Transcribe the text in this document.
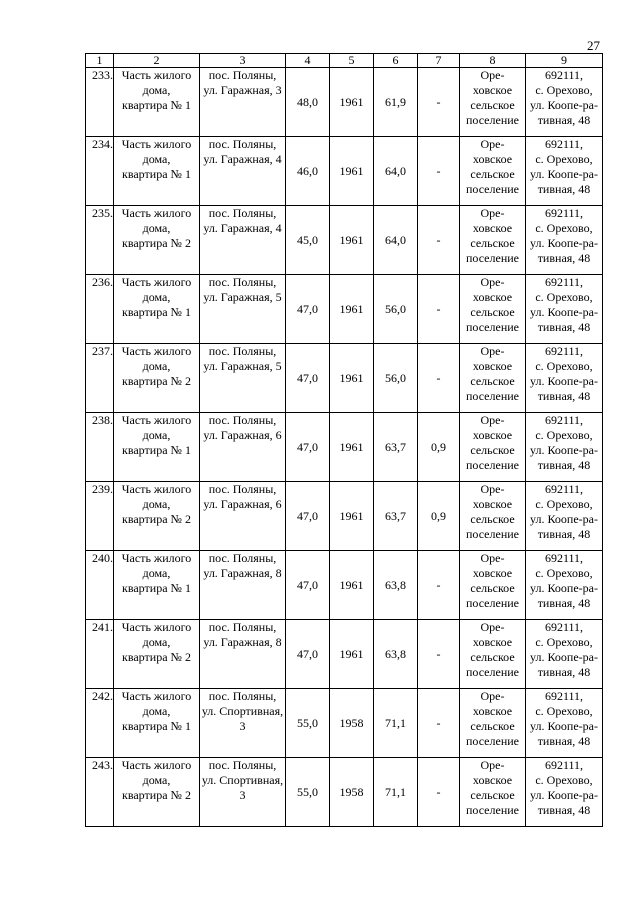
27
1	2	3	4	5	6	7	8	9
233.	Часть жилого
дома,
квартира № 1	пос. Поляны,
ул. Гаражная, 3	48,0	1961	61,9	-	Оре-
ховское
сельское
поселение	692111,
с. Орехово,
ул. Коопе-ра-
тивная, 48
234.	Часть жилого
дома,
квартира № 1	пос. Поляны,
ул. Гаражная, 4	46,0	1961	64,0	-	Оре-
ховское
сельское
поселение	692111,
с. Орехово,
ул. Коопе-ра-
тивная, 48
235.	Часть жилого
дома,
квартира № 2	пос. Поляны,
ул. Гаражная, 4	45,0	1961	64,0	-	Оре-
ховское
сельское
поселение	692111,
с. Орехово,
ул. Коопе-ра-
тивная, 48
236.	Часть жилого
дома,
квартира № 1	пос. Поляны,
ул. Гаражная, 5	47,0	1961	56,0	-	Оре-
ховское
сельское
поселение	692111,
с. Орехово,
ул. Коопе-ра-
тивная, 48
237.	Часть жилого
дома,
квартира № 2	пос. Поляны,
ул. Гаражная, 5	47,0	1961	56,0	-	Оре-
ховское
сельское
поселение	692111,
с. Орехово,
ул. Коопе-ра-
тивная, 48
238.	Часть жилого
дома,
квартира № 1	пос. Поляны,
ул. Гаражная, 6	47,0	1961	63,7	0,9	Оре-
ховское
сельское
поселение	692111,
с. Орехово,
ул. Коопе-ра-
тивная, 48
239.	Часть жилого
дома,
квартира № 2	пос. Поляны,
ул. Гаражная, 6	47,0	1961	63,7	0,9	Оре-
ховское
сельское
поселение	692111,
с. Орехово,
ул. Коопе-ра-
тивная, 48
240.	Часть жилого
дома,
квартира № 1	пос. Поляны,
ул. Гаражная, 8	47,0	1961	63,8	-	Оре-
ховское
сельское
поселение	692111,
с. Орехово,
ул. Коопе-ра-
тивная, 48
241.	Часть жилого
дома,
квартира № 2	пос. Поляны,
ул. Гаражная, 8	47,0	1961	63,8	-	Оре-
ховское
сельское
поселение	692111,
с. Орехово,
ул. Коопе-ра-
тивная, 48
242.	Часть жилого
дома,
квартира № 1	пос. Поляны,
ул. Спортивная,
3	55,0	1958	71,1	-	Оре-
ховское
сельское
поселение	692111,
с. Орехово,
ул. Коопе-ра-
тивная, 48
243.	Часть жилого
дома,
квартира № 2	пос. Поляны,
ул. Спортивная,
3	55,0	1958	71,1	-	Оре-
ховское
сельское
поселение	692111,
с. Орехово,
ул. Коопе-ра-
тивная, 48
